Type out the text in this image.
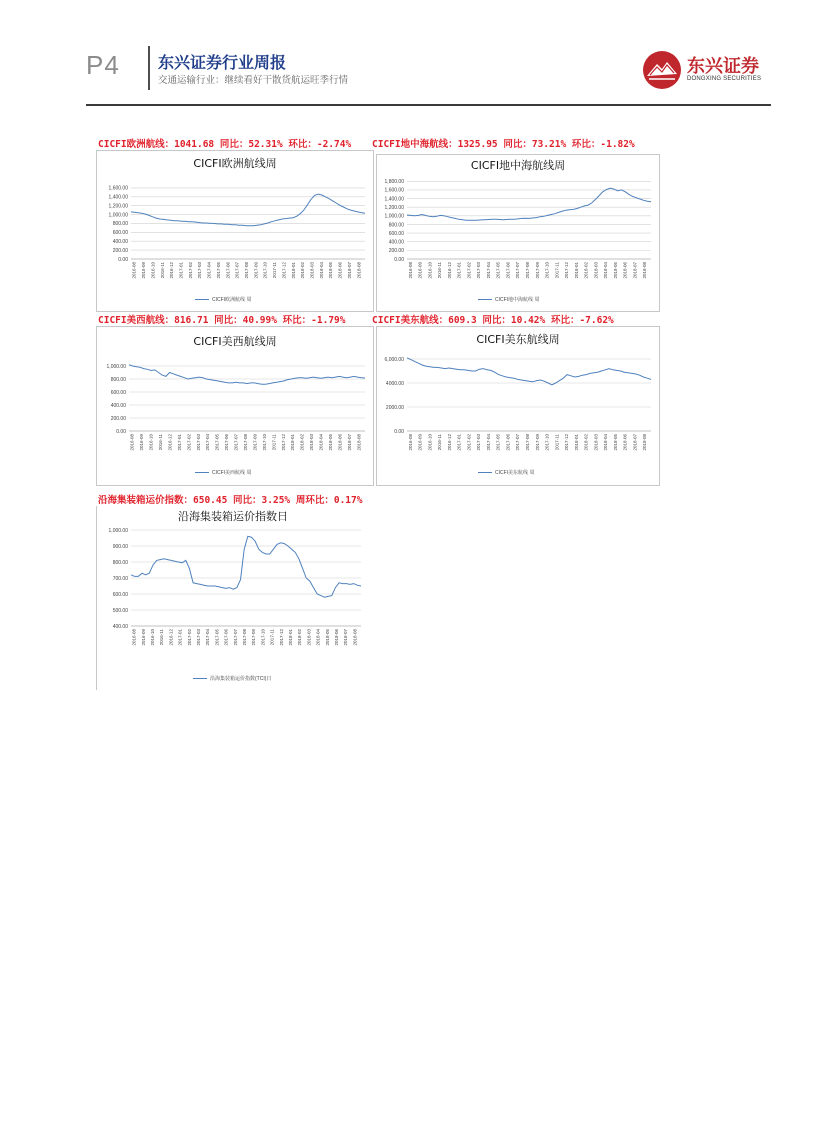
P4 东兴证券行业周报
交通运输行业：继续看好干散货航运旺季行情
东兴证券
DONGXING SECURITIES
CICFI欧洲航线：1041.68 同比：52.31% 环比：-2.74% CICFI地中海航线：1325.95 同比：73.21% 环比：-1.82%
CICFI欧洲航线周
0.00
200.00
400.00
600.00
800.00
1,000.00
1,200.00
1,400.00
1,600.00
2016-08 2016-09 2016-10 2016-11 2016-12 2017-01 2017-02 2017-03 2017-04 2017-05 2017-06 2017-07 2017-08 2017-09 2017-10 2017-11 2017-12 2018-01 2018-02 2018-03 2018-04 2018-05 2018-06 2018-07 2018-08
CICFI欧洲航线 周
CICFI地中海航线周
0.00
200.00
400.00
600.00
800.00
1,000.00
1,200.00
1,400.00
1,600.00
1,800.00
2016-08 2016-09 2016-10 2016-11 2016-12 2017-01 2017-02 2017-03 2017-04 2017-05 2017-06 2017-07 2017-08 2017-09 2017-10 2017-11 2017-12 2018-01 2018-02 2018-03 2018-04 2018-05 2018-06 2018-07 2018-08
CICFI地中海航线 周
CICFI美西航线：816.71 同比：40.99% 环比：-1.79%	CICFI美东航线：609.3 同比：10.42% 环比：-7.62%
CICFI美西航线周
0.00
200.00
400.00
600.00
800.00
1,000.00
2016-08 2016-09 2016-10 2016-11 2016-12 2017-01 2017-02 2017-03 2017-04 2017-05 2017-06 2017-07 2017-08 2017-09 2017-10 2017-11 2017-12 2018-01 2018-02 2018-03 2018-04 2018-05 2018-06 2018-07 2018-08
CICFI美西航线 周
CICFI美东航线周
0.00
2000.00
4000.00
6,000.00
2016-08 2016-09 2016-10 2016-11 2016-12 2017-01 2017-02 2017-03 2017-04 2017-05 2017-06 2017-07 2017-08 2017-09 2017-10 2017-11 2017-12 2018-01 2018-02 2018-03 2018-04 2018-05 2018-06 2018-07 2018-08
CICFI美东航线 周
沿海集装箱运价指数：650.45 同比：3.25% 周环比：0.17%
沿海集装箱运价指数日
400.00
500.00
600.00
700.00
800.00
900.00
1,000.00
2016-08 2016-09 2016-10 2016-11 2016-12 2017-01 2017-02 2017-03 2017-04 2017-05 2017-06 2017-07 2017-08 2017-09 2017-10 2017-11 2017-12 2018-01 2018-02 2018-03 2018-04 2018-05 2018-06 2018-07 2018-08
沿海集装箱运价指数(TCI)日
